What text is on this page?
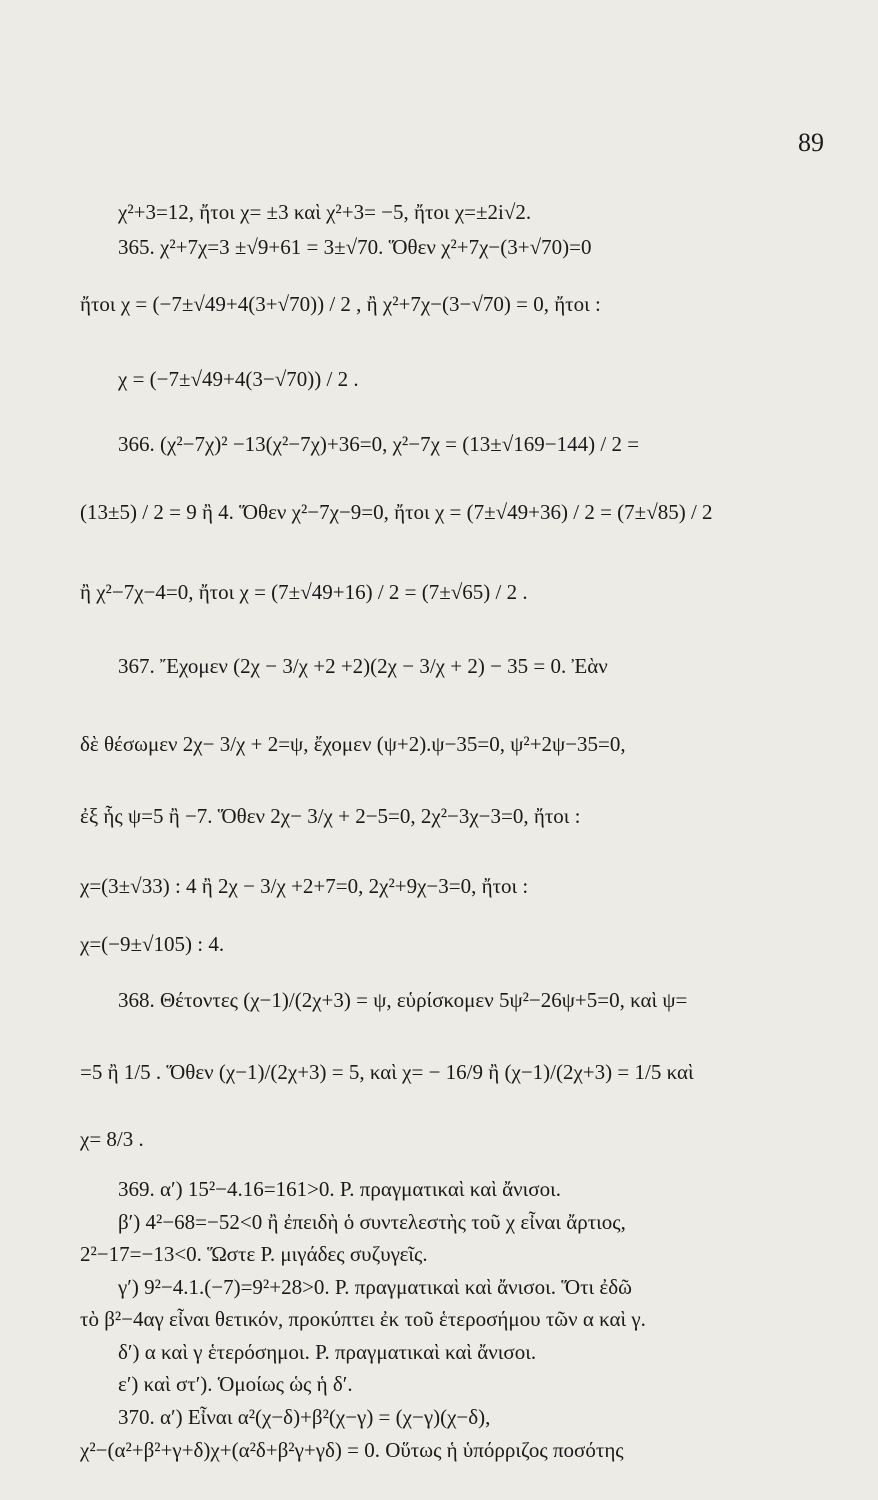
89
χ²+3=12, ἤτοι χ= ±3 καὶ χ²+3= −5, ἤτοι χ=±2i√2.
365. χ²+7χ=3 ±√9+61 = 3±√70. Ὅθεν χ²+7χ−(3+√70)=0
ἤτοι χ = (−7±√49+4(3+√70)) / 2 , ἢ χ²+7χ−(3−√70) = 0, ἤτοι :
χ = (−7±√49+4(3−√70)) / 2 .
366. (χ²−7χ)² −13(χ²−7χ)+36=0, χ²−7χ = (13±√169−144) / 2 =
(13±5) / 2 = 9 ἢ 4. Ὅθεν χ²−7χ−9=0, ἤτοι χ = (7±√49+36) / 2 = (7±√85) / 2
ἢ χ²−7χ−4=0, ἤτοι χ = (7±√49+16) / 2 = (7±√65) / 2 .
367. Ἔχομεν (2χ − 3/χ +2 +2)(2χ − 3/χ + 2) − 35 = 0. Ἐὰν
δὲ θέσωμεν 2χ− 3/χ + 2=ψ, ἔχομεν (ψ+2).ψ−35=0, ψ²+2ψ−35=0,
ἐξ ἧς ψ=5 ἢ −7. Ὅθεν 2χ− 3/χ + 2−5=0, 2χ²−3χ−3=0, ἤτοι :
χ=(3±√33) : 4 ἢ 2χ − 3/χ +2+7=0, 2χ²+9χ−3=0, ἤτοι :
χ=(−9±√105) : 4.
368. Θέτοντες (χ−1)/(2χ+3) = ψ, εὑρίσκομεν 5ψ²−26ψ+5=0, καὶ ψ=
=5 ἢ 1/5 . Ὅθεν (χ−1)/(2χ+3) = 5, καὶ χ= − 16/9 ἢ (χ−1)/(2χ+3) = 1/5 καὶ
χ= 8/3 .
369. α′) 15²−4.16=161>0. Ρ. πραγματικαὶ καὶ ἄνισοι.
β′) 4²−68=−52<0 ἢ ἐπειδὴ ὁ συντελεστὴς τοῦ χ εἶναι ἄρτιος,
2²−17=−13<0. Ὥστε Ρ. μιγάδες συζυγεῖς.
γ′) 9²−4.1.(−7)=9²+28>0. Ρ. πραγματικαὶ καὶ ἄνισοι. Ὅτι ἐδῶ
τὸ β²−4αγ εἶναι θετικόν, προκύπτει ἐκ τοῦ ἑτεροσήμου τῶν α καὶ γ.
δ′) α καὶ γ ἑτερόσημοι. Ρ. πραγματικαὶ καὶ ἄνισοι.
ε′) καὶ στ′). Ὁμοίως ὡς ἡ δ′.
370. α′) Εἶναι α²(χ−δ)+β²(χ−γ) = (χ−γ)(χ−δ),
χ²−(α²+β²+γ+δ)χ+(α²δ+β²γ+γδ) = 0. Οὕτως ἡ ὑπόρριζος ποσότης
